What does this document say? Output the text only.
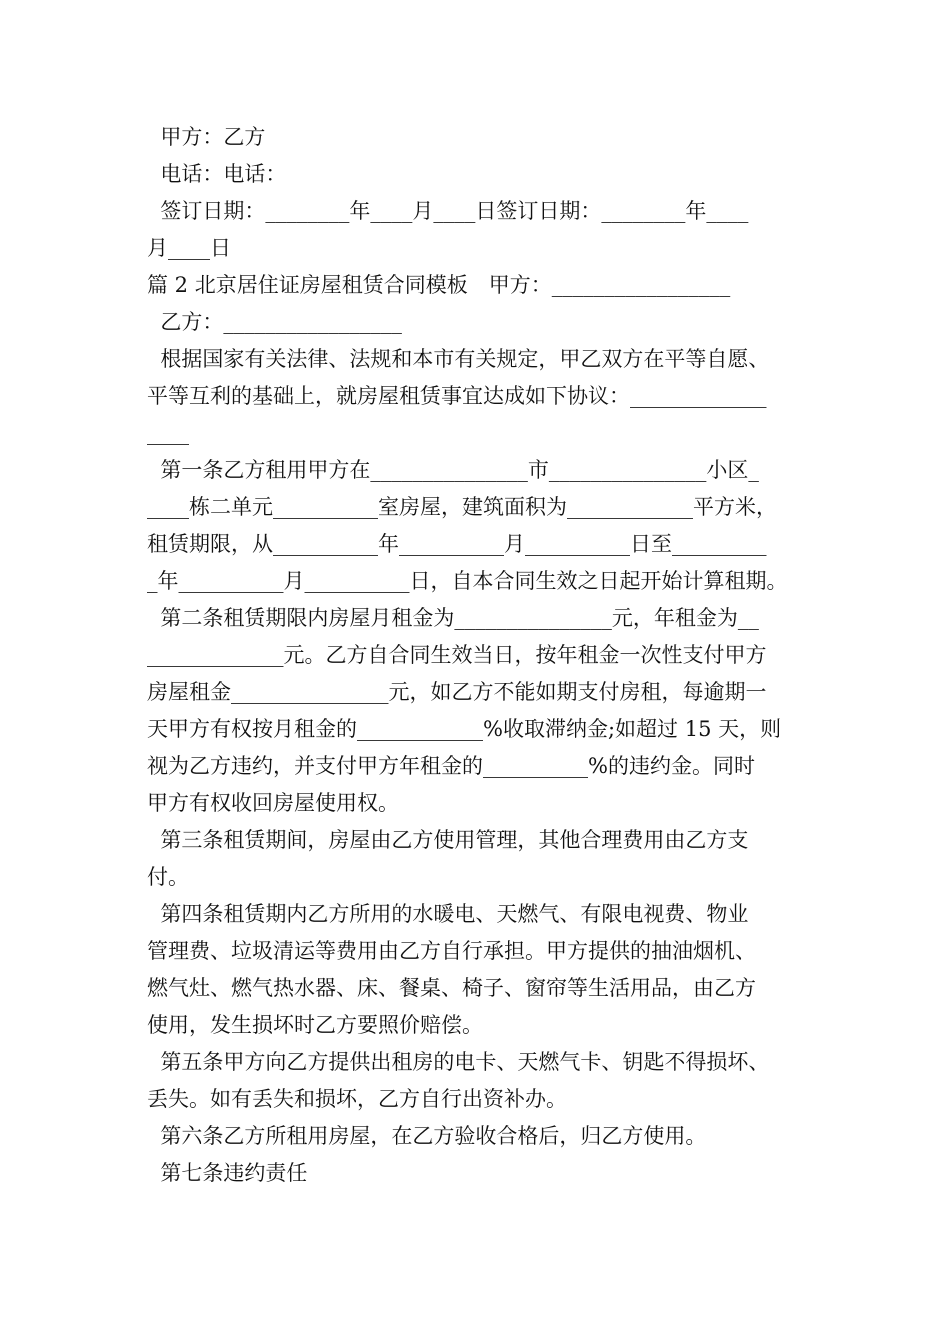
甲方：乙方

电话：电话：

签订日期：________年____月____日签订日期：________年____

月____日

篇 2 北京居住证房屋租赁合同模板　甲方：_________________

乙方：_________________

根据国家有关法律、法规和本市有关规定，甲乙双方在平等自愿、

平等互利的基础上，就房屋租赁事宜达成如下协议：_____________

____

第一条乙方租用甲方在_______________市_______________小区_

____栋二单元__________室房屋，建筑面积为____________平方米，

租赁期限，从__________年__________月__________日至_________

_年__________月__________日，自本合同生效之日起开始计算租期。

第二条租赁期限内房屋月租金为_______________元，年租金为__

_____________元。乙方自合同生效当日，按年租金一次性支付甲方

房屋租金_______________元，如乙方不能如期支付房租，每逾期一

天甲方有权按月租金的____________%收取滞纳金;如超过 15 天，则

视为乙方违约，并支付甲方年租金的__________%的违约金。同时

甲方有权收回房屋使用权。

第三条租赁期间，房屋由乙方使用管理，其他合理费用由乙方支

付。

第四条租赁期内乙方所用的水暖电、天燃气、有限电视费、物业

管理费、垃圾清运等费用由乙方自行承担。甲方提供的抽油烟机、

燃气灶、燃气热水器、床、餐桌、椅子、窗帘等生活用品，由乙方

使用，发生损坏时乙方要照价赔偿。

第五条甲方向乙方提供出租房的电卡、天燃气卡、钥匙不得损坏、

丢失。如有丢失和损坏，乙方自行出资补办。

第六条乙方所租用房屋，在乙方验收合格后，归乙方使用。

第七条违约责任
